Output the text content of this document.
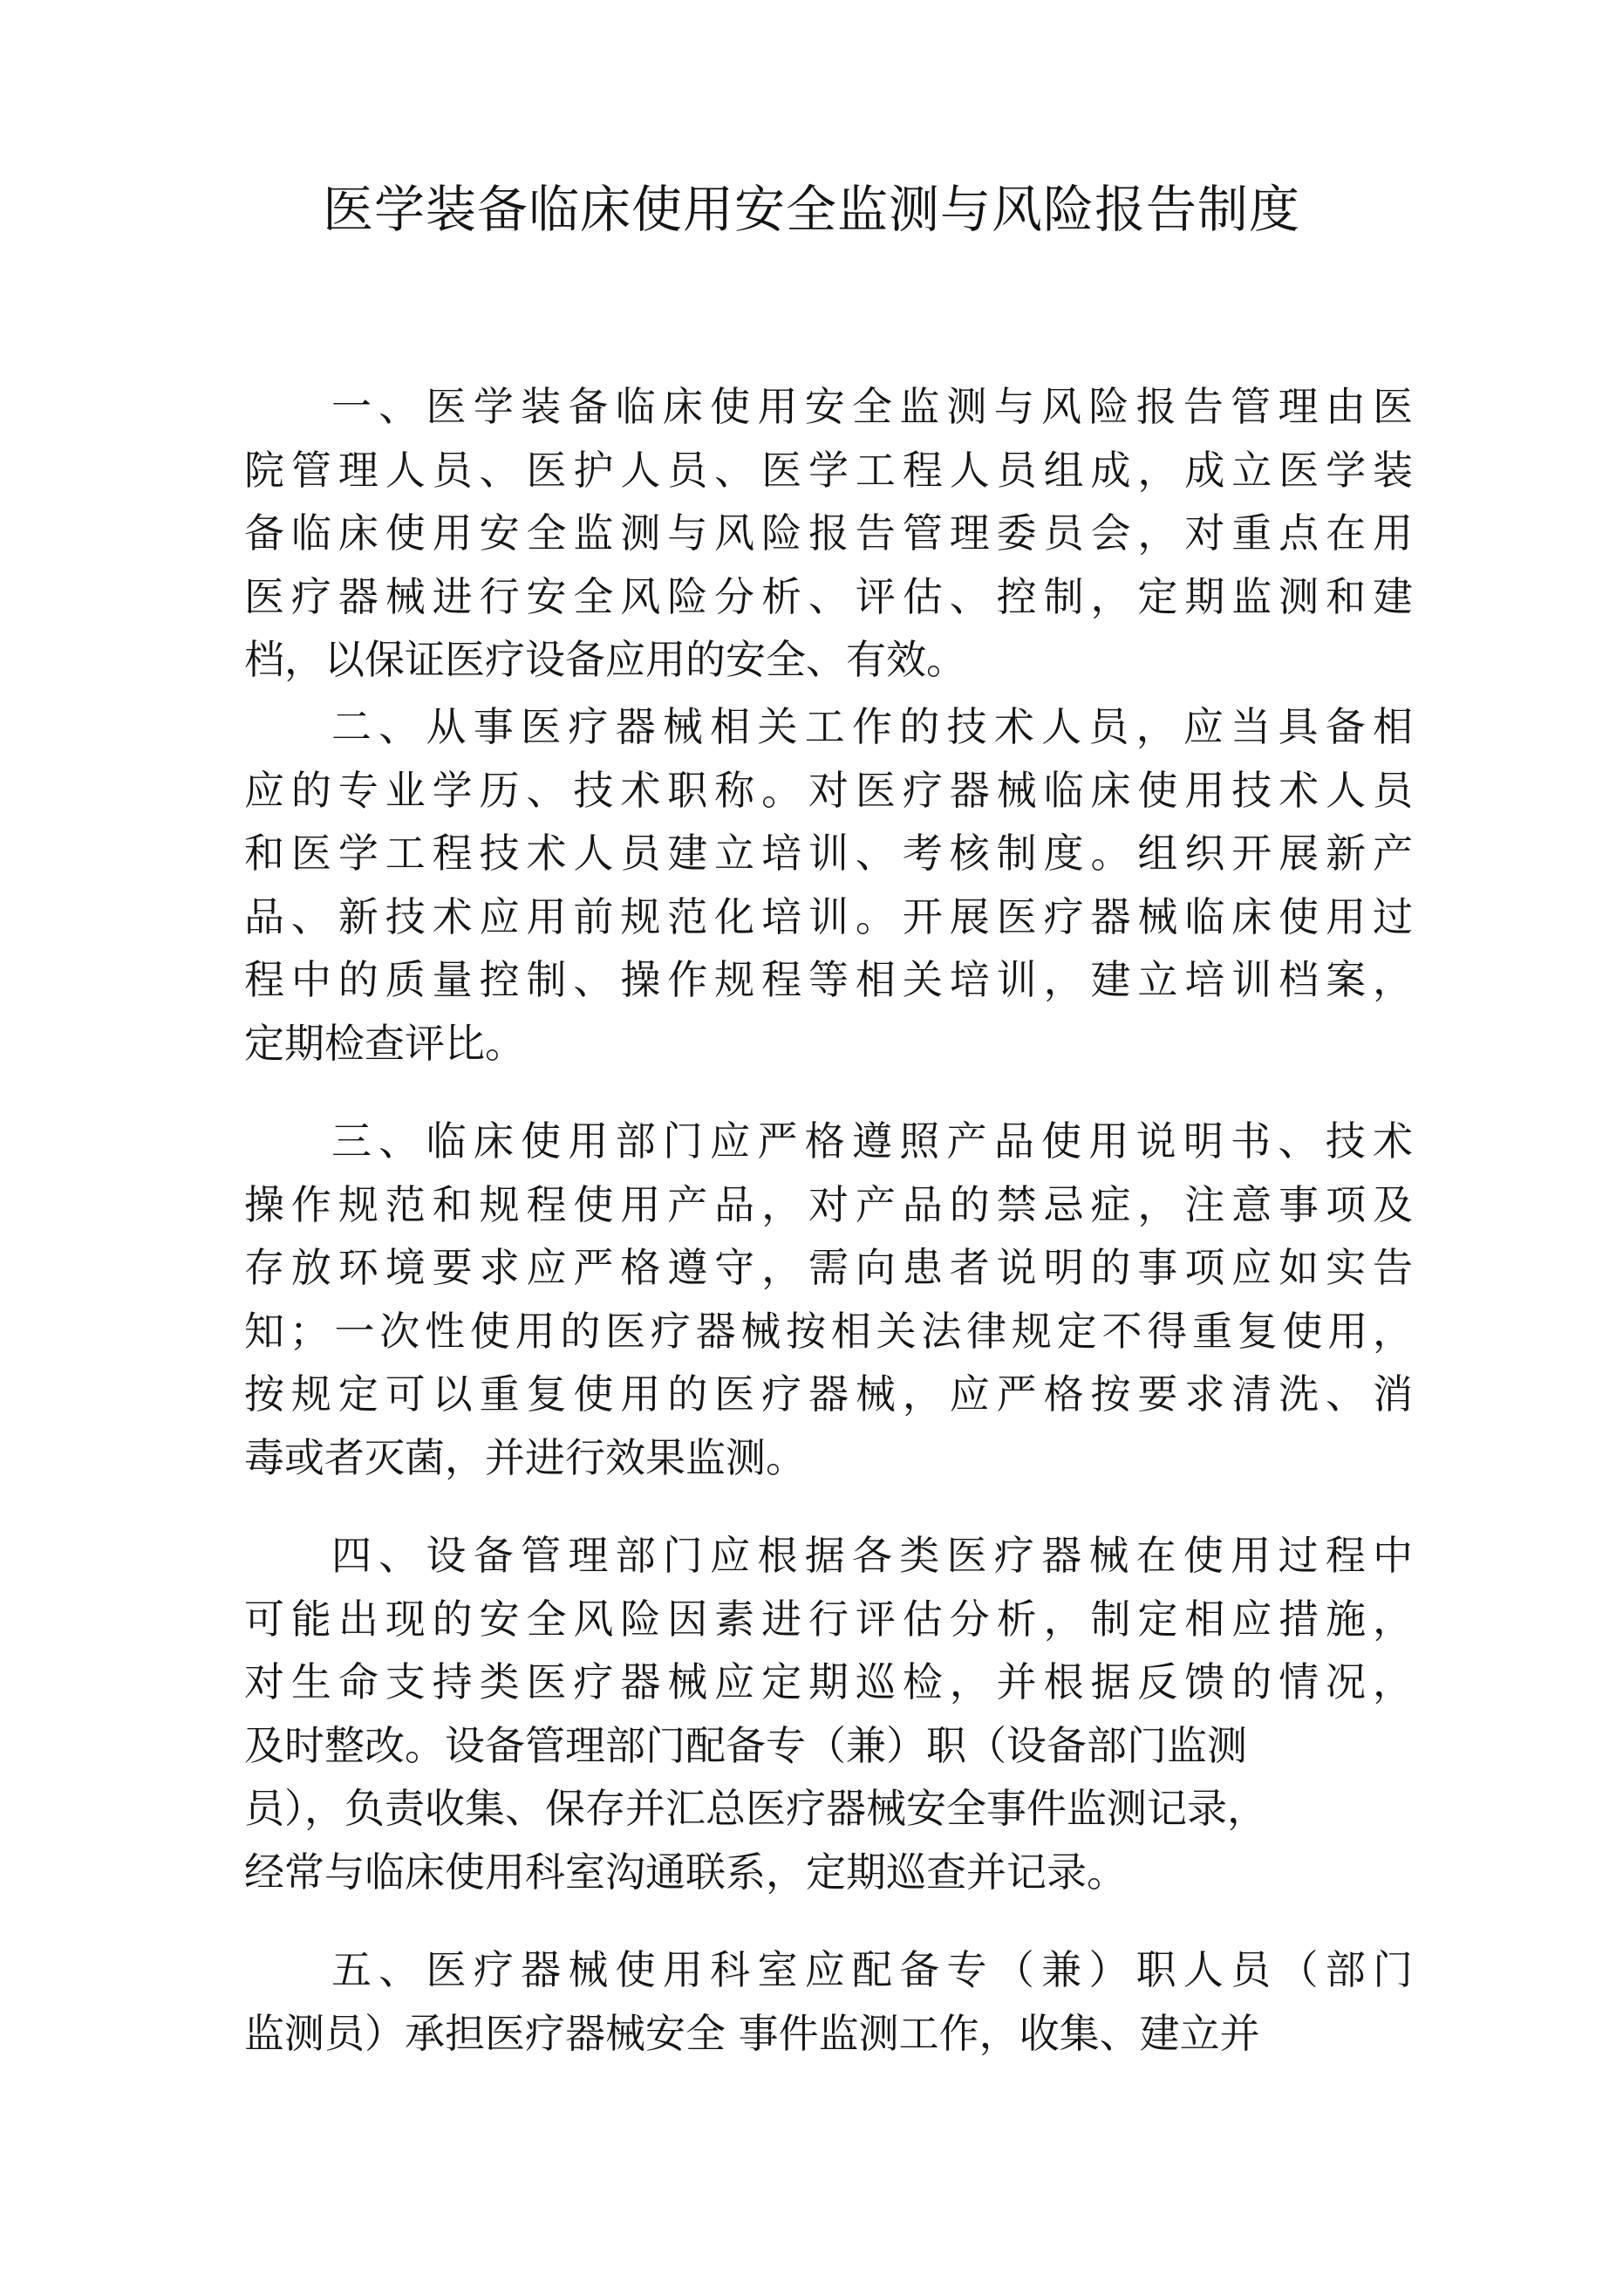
医学装备临床使用安全监测与风险报告制度

一、医学装备临床使用安全监测与风险报告管理由医
院管理人员、医护人员、医学工程人员组成，成立医学装
备临床使用安全监测与风险报告管理委员会，对重点在用
医疗器械进行安全风险分析、评估、控制，定期监测和建
档，以保证医疗设备应用的安全、有效。

二、从事医疗器械相关工作的技术人员，应当具备相
应的专业学历、技术职称。对医疗器械临床使用技术人员
和医学工程技术人员建立培训、考核制度。组织开展新产
品、新技术应用前规范化培训。开展医疗器械临床使用过
程中的质量控制、操作规程等相关培训，建立培训档案，
定期检查评比。

三、临床使用部门应严格遵照产品使用说明书、技术
操作规范和规程使用产品，对产品的禁忌症，注意事项及
存放环境要求应严格遵守，需向患者说明的事项应如实告
知；一次性使用的医疗器械按相关法律规定不得重复使用，
按规定可以重复使用的医疗器械，应严格按要求清洗、消
毒或者灭菌，并进行效果监测。

四、设备管理部门应根据各类医疗器械在使用过程中
可能出现的安全风险因素进行评估分析，制定相应措施，
对生命支持类医疗器械应定期巡检，并根据反馈的情况，
及时整改。设备管理部门配备专（兼）职（设备部门监测
员），负责收集、保存并汇总医疗器械安全事件监测记录，
经常与临床使用科室沟通联系，定期巡查并记录。

五、医疗器械使用科室应配备专（兼）职人员（部门
监测员）承担医疗器械安全 事件监测工作，收集、建立并
